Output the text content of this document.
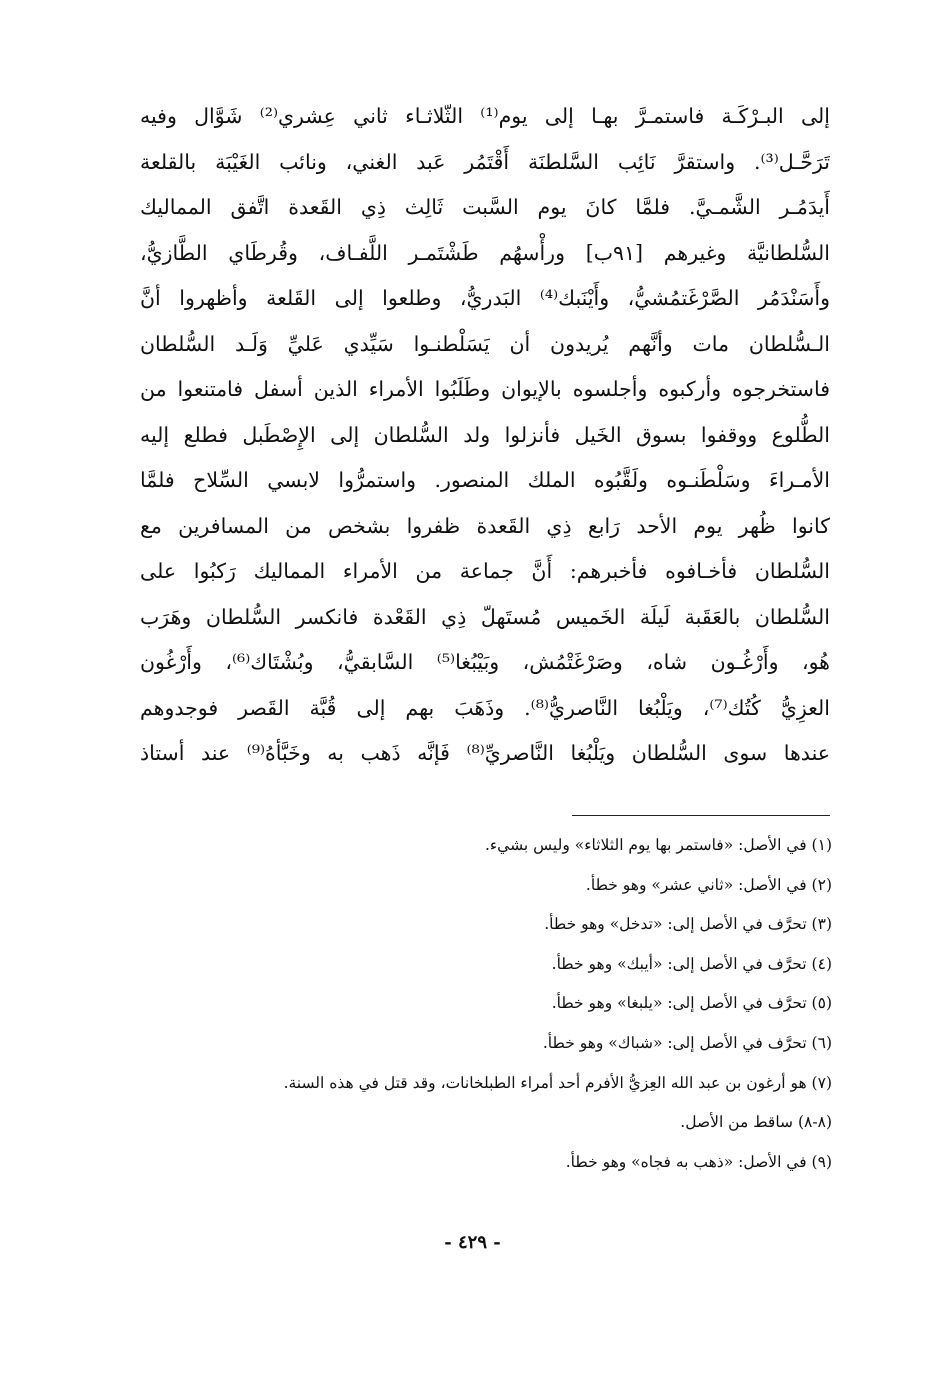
إلى البـرْكَـة فاستمـرَّ بهـا إلى يوم⁽¹⁾ الثّلاثـاء ثاني عِشري⁽²⁾ شَوَّال وفيه
تَرَحَّـل⁽³⁾. واستقرَّ نَائِب السَّلطنَة أَقْتَمُر عَبد الغني، ونائب الغَيْبَة بالقلعة
أَيدَمُـر الشَّمـيَّ. فلمَّا كانَ يوم السَّبت ثَالِث ذِي القَعدة اتَّفق المماليك
السُّلطانيَّة وغيرهم [٩١ب] ورأْسهُم طَشْتَمـر اللَّفـاف، وقُرطَاي الطَّازيُّ،
وأَسَنْدَمُر الصَّرْغَتمُشيُّ، وأَيْنَبك⁽⁴⁾ البَدريُّ، وطلعوا إلى القَلعة وأظهروا أنَّ
الـسُّلطان مات وأنَّهم يُريدون أن يَسَلْطنـوا سَيِّدي عَليِّ وَلَـد السُّلطان
فاستخرجوه وأركبوه وأجلسوه بالإيوان وطَلَبُوا الأمراء الذين أسفل فامتنعوا من
الطُّلوع ووقفوا بسوق الخَيل فأنزلوا ولد السُّلطان إلى الإِصْطَبل فطلع إليه
الأمـراءَ وسَلْطَنـوه ولَقَّبُوه الملك المنصور. واستمرُّوا لابسي السِّلاح فلمَّا
كانوا ظُهر يوم الأحد رَابع ذِي القَعدة ظفروا بشخص من المسافرين مع
السُّلطان فأخـافوه فأخبرهم: أَنَّ جماعة من الأمراء المماليك رَكبُوا على
السُّلطان بالعَقَبة لَيلَة الخَميس مُستَهلّ ذِي القَعْدة فانكسر السُّلطان وهَرَب
هُو، وأَرْغُـون شاه، وصَرْغَتْمُش، وبَيْبُغا⁽⁵⁾ السَّابقيُّ، وبُشْتَاك⁽⁶⁾، وأَرْغُون
العزِيُّ كُتُك⁽⁷⁾، ويَلْبُغا النَّاصريُّ⁽⁸⁾. وذَهَبَ بهم إلى قُبَّة القَصر فوجدوهم
عندها سوى السُّلطان ويَلْبُغا النَّاصريِّ⁽⁸⁾ فَإنَّه ذَهب به وخَبَّأهُ⁽⁹⁾ عند أستاذ
(١) في الأصل: «فاستمر بها يوم الثلاثاء» وليس بشيء.
(٢) في الأصل: «ثاني عشر» وهو خطأ.
(٣) تحرَّف في الأصل إلى: «تدخل» وهو خطأ.
(٤) تحرَّف في الأصل إلى: «أيبك» وهو خطأ.
(٥) تحرَّف في الأصل إلى: «يلبغا» وهو خطأ.
(٦) تحرَّف في الأصل إلى: «شباك» وهو خطأ.
(٧) هو أرغون بن عبد الله العِزيُّ الأفرم أحد أمراء الطبلخانات، وقد قتل في هذه السنة.
(٨-٨) ساقط من الأصل.
(٩) في الأصل: «ذهب به فجاه» وهو خطأ.
- ٤٢٩ -
